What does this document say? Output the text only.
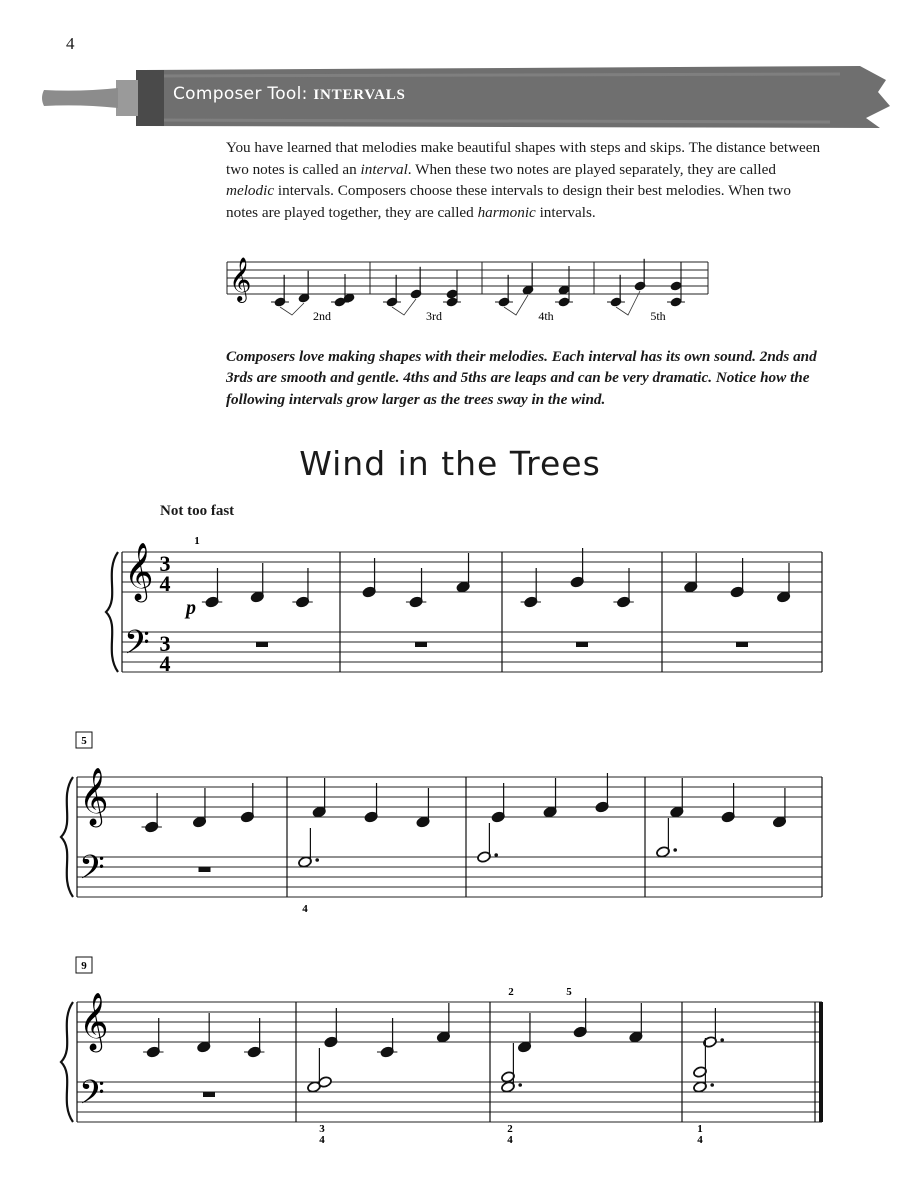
4
Composer Tool: INTERVALS
You have learned that melodies make beautiful shapes with steps and skips. The distance between two notes is called an interval. When these two notes are played separately, they are called melodic intervals. Composers choose these intervals to design their best melodies. When two notes are played together, they are called harmonic intervals.
𝄞
2nd	3rd	4th	5th
Composers love making shapes with their melodies. Each interval has its own sound. 2nds and 3rds are smooth and gentle. 4ths and 5ths are leaps and can be very dramatic. Notice how the following intervals grow larger as the trees sway in the wind.
Wind in the Trees
Not too fast
𝄞
𝄢
3
4
3
4
p
𝄞
𝄢
5
𝄞
𝄢
9
1
4
3
4
2	5
2
4
1
4
